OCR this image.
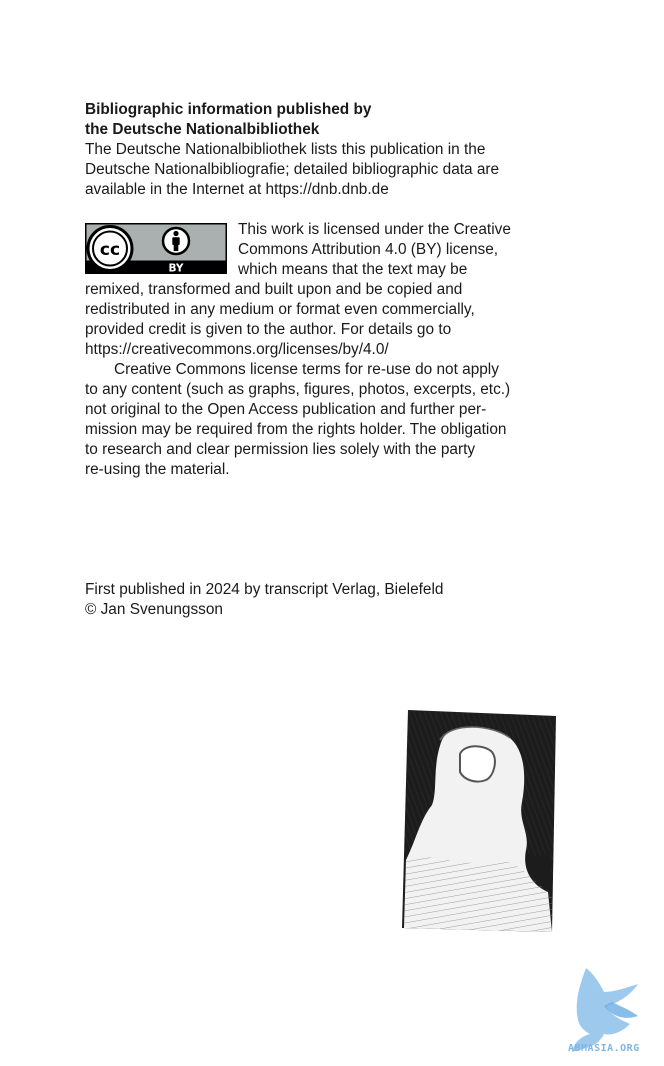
Bibliographic information published by
the Deutsche Nationalbibliothek
The Deutsche Nationalbibliothek lists this publication in the
Deutsche Nationalbibliografie; detailed bibliographic data are
available in the Internet at https://dnb.dnb.de
cc
BY
This work is licensed under the Creative
Commons Attribution 4.0 (BY) license,
which means that the text may be
remixed, transformed and built upon and be copied and
redistributed in any medium or format even commercially,
provided credit is given to the author. For details go to
https://creativecommons.org/licenses/by/4.0/
Creative Commons license terms for re-use do not apply
to any content (such as graphs, figures, photos, excerpts, etc.)
not original to the Open Access publication and further per-
mission may be required from the rights holder. The obligation
to research and clear permission lies solely with the party
re-using the material.
First published in 2024 by transcript Verlag, Bielefeld
© Jan Svenungsson
ABMASIA.ORG
